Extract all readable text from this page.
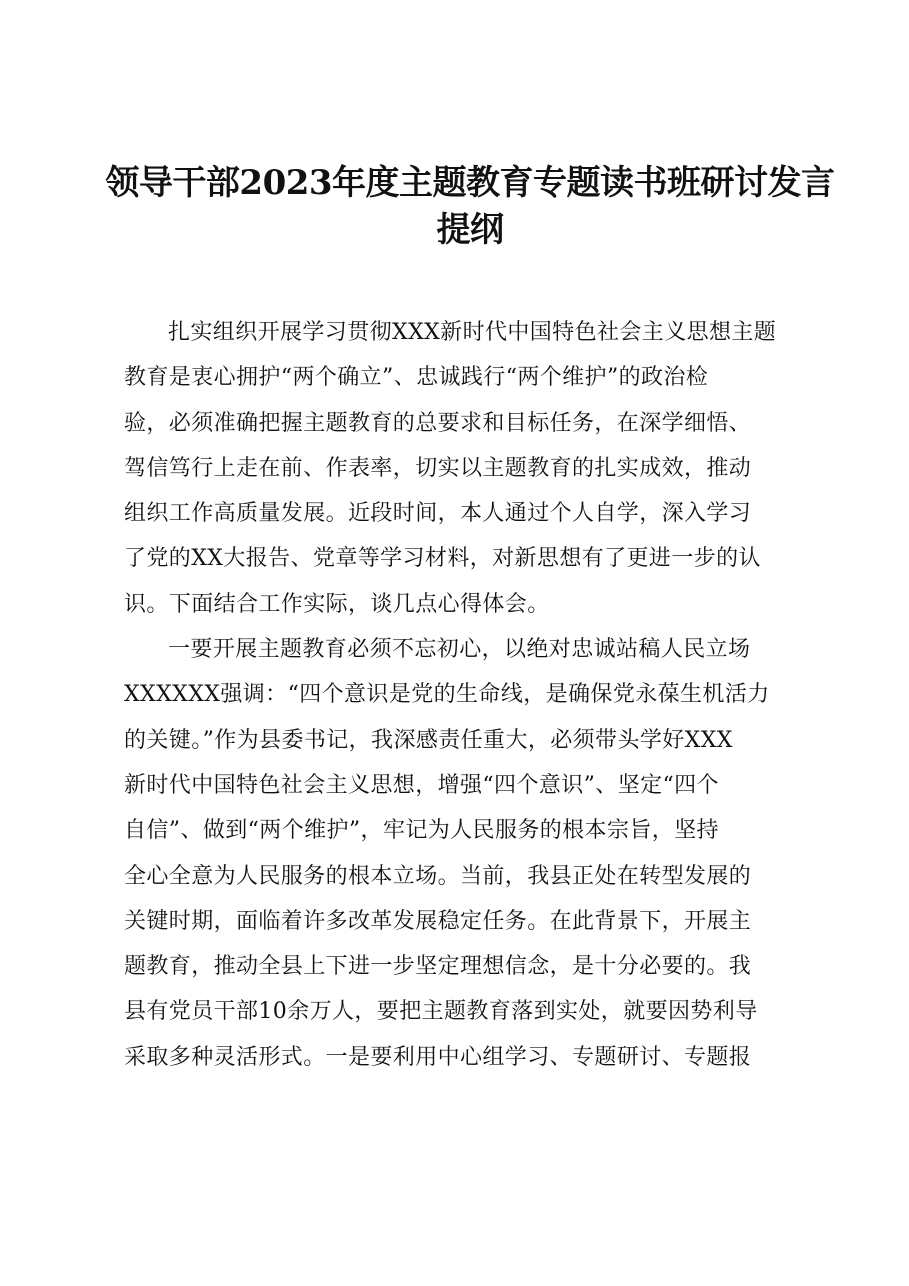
领导干部2023年度主题教育专题读书班研讨发言提纲

扎实组织开展学习贯彻XXX新时代中国特色社会主义思想主题
教育是衷心拥护“两个确立”、忠诚践行“两个维护”的政治检
验，必须准确把握主题教育的总要求和目标任务，在深学细悟、
驾信笃行上走在前、作表率，切实以主题教育的扎实成效，推动
组织工作高质量发展。近段时间，本人通过个人自学，深入学习
了党的XX大报告、党章等学习材料，对新思想有了更进一步的认
识。下面结合工作实际，谈几点心得体会。

一要开展主题教育必须不忘初心，以绝对忠诚站稿人民立场
XXXXXX强调：“四个意识是党的生命线，是确保党永葆生机活力
的关键。”作为县委书记，我深感责任重大，必须带头学好XXX
新时代中国特色社会主义思想，增强“四个意识”、坚定“四个
自信”、做到“两个维护”，牢记为人民服务的根本宗旨，坚持
全心全意为人民服务的根本立场。当前，我县正处在转型发展的
关键时期，面临着许多改革发展稳定任务。在此背景下，开展主
题教育，推动全县上下进一步坚定理想信念，是十分必要的。我
县有党员干部10余万人，要把主题教育落到实处，就要因势利导
采取多种灵活形式。一是要利用中心组学习、专题研讨、专题报
